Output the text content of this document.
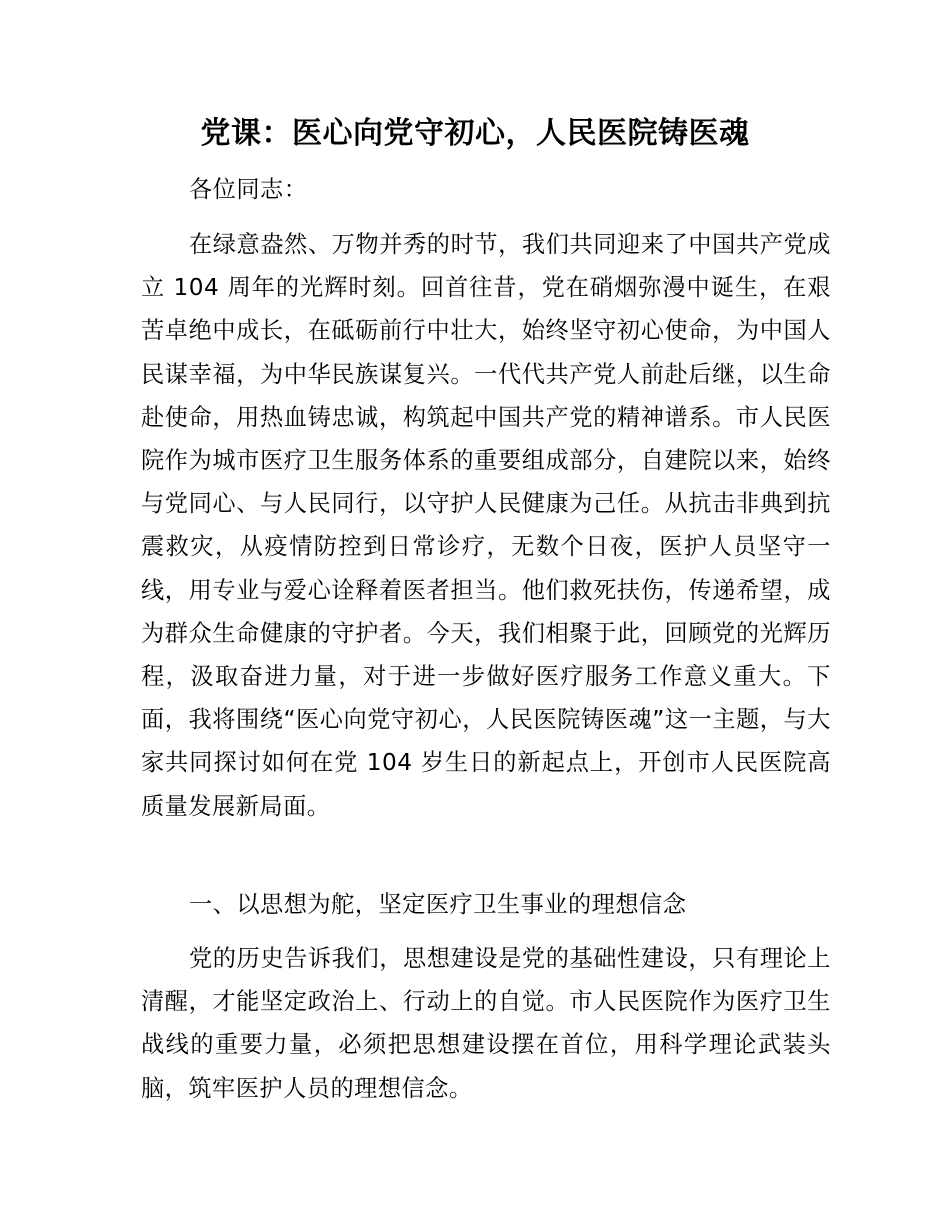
党课：医心向党守初心，人民医院铸医魂

各位同志：

在绿意盎然、万物并秀的时节，我们共同迎来了中国共产党成立 104 周年的光辉时刻。回首往昔，党在硝烟弥漫中诞生，在艰苦卓绝中成长，在砥砺前行中壮大，始终坚守初心使命，为中国人民谋幸福，为中华民族谋复兴。一代代共产党人前赴后继，以生命赴使命，用热血铸忠诚，构筑起中国共产党的精神谱系。市人民医院作为城市医疗卫生服务体系的重要组成部分，自建院以来，始终与党同心、与人民同行，以守护人民健康为己任。从抗击非典到抗震救灾，从疫情防控到日常诊疗，无数个日夜，医护人员坚守一线，用专业与爱心诠释着医者担当。他们救死扶伤，传递希望，成为群众生命健康的守护者。今天，我们相聚于此，回顾党的光辉历程，汲取奋进力量，对于进一步做好医疗服务工作意义重大。下面，我将围绕“医心向党守初心，人民医院铸医魂”这一主题，与大家共同探讨如何在党 104 岁生日的新起点上，开创市人民医院高质量发展新局面。

一、以思想为舵，坚定医疗卫生事业的理想信念

党的历史告诉我们，思想建设是党的基础性建设，只有理论上清醒，才能坚定政治上、行动上的自觉。市人民医院作为医疗卫生战线的重要力量，必须把思想建设摆在首位，用科学理论武装头脑，筑牢医护人员的理想信念。
